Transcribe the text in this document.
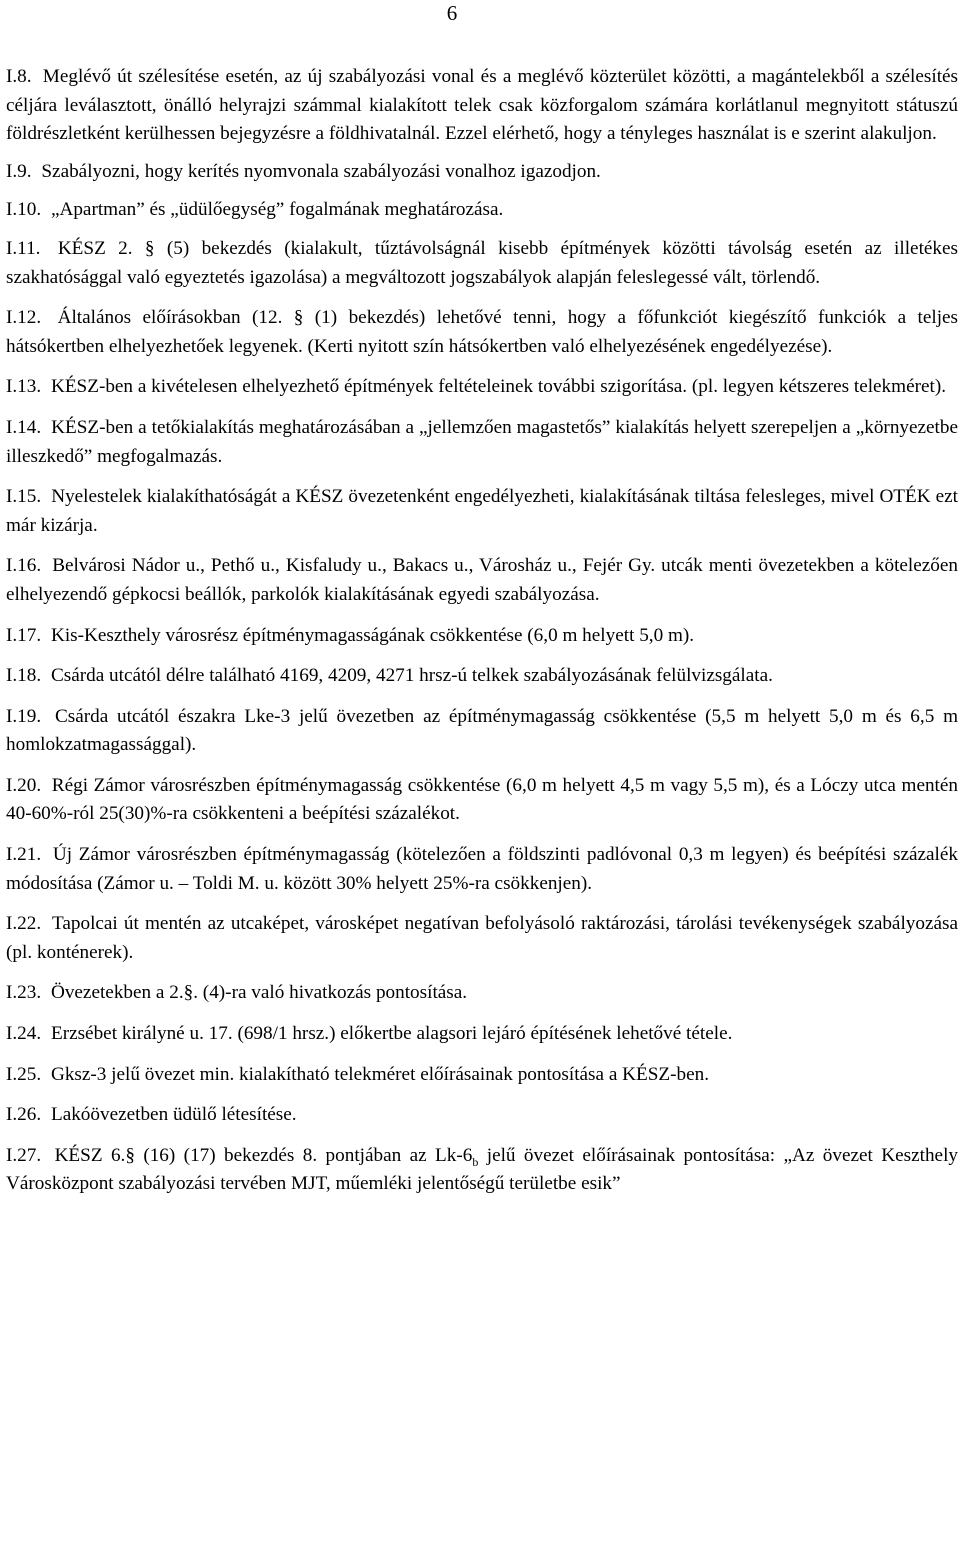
6

I.8. Meglévő út szélesítése esetén, az új szabályozási vonal és a meglévő közterület közötti, a magántelekből a szélesítés céljára leválasztott, önálló helyrajzi számmal kialakított telek csak közforgalom számára korlátlanul megnyitott státuszú földrészletként kerülhessen bejegyzésre a földhivatalnál. Ezzel elérhető, hogy a tényleges használat is e szerint alakuljon.

I.9. Szabályozni, hogy kerítés nyomvonala szabályozási vonalhoz igazodjon.

I.10. „Apartman” és „üdülőegység” fogalmának meghatározása.

I.11. KÉSZ 2. § (5) bekezdés (kialakult, tűztávolságnál kisebb építmények közötti távolság esetén az illetékes szakhatósággal való egyeztetés igazolása) a megváltozott jogszabályok alapján feleslegessé vált, törlendő.

I.12. Általános előírásokban (12. § (1) bekezdés) lehetővé tenni, hogy a főfunkciót kiegészítő funkciók a teljes hátsókertben elhelyezhetőek legyenek. (Kerti nyitott szín hátsókertben való elhelyezésének engedélyezése).

I.13. KÉSZ-ben a kivételesen elhelyezhető építmények feltételeinek további szigorítása. (pl. legyen kétszeres telekméret).

I.14. KÉSZ-ben a tetőkialakítás meghatározásában a „jellemzően magastetős” kialakítás helyett szerepeljen a „környezetbe illeszkedő” megfogalmazás.

I.15. Nyelestelek kialakíthatóságát a KÉSZ övezetenként engedélyezheti, kialakításának tiltása felesleges, mivel OTÉK ezt már kizárja.

I.16. Belvárosi Nádor u., Pethő u., Kisfaludy u., Bakacs u., Városház u., Fejér Gy. utcák menti övezetekben a kötelezően elhelyezendő gépkocsi beállók, parkolók kialakításának egyedi szabályozása.

I.17. Kis-Keszthely városrész építménymagasságának csökkentése (6,0 m helyett 5,0 m).

I.18. Csárda utcától délre található 4169, 4209, 4271 hrsz-ú telkek szabályozásának felülvizsgálata.

I.19. Csárda utcától északra Lke-3 jelű övezetben az építménymagasság csökkentése (5,5 m helyett 5,0 m és 6,5 m homlokzatmagassággal).

I.20. Régi Zámor városrészben építménymagasság csökkentése (6,0 m helyett 4,5 m vagy 5,5 m), és a Lóczy utca mentén 40-60%-ról 25(30)%-ra csökkenteni a beépítési százalékot.

I.21. Új Zámor városrészben építménymagasság (kötelezően a földszinti padlóvonal 0,3 m legyen) és beépítési százalék módosítása (Zámor u. – Toldi M. u. között 30% helyett 25%-ra csökkenjen).

I.22. Tapolcai út mentén az utcaképet, városképet negatívan befolyásoló raktározási, tárolási tevékenységek szabályozása (pl. konténerek).

I.23. Övezetekben a 2.§. (4)-ra való hivatkozás pontosítása.

I.24. Erzsébet királyné u. 17. (698/1 hrsz.) előkertbe alagsori lejáró építésének lehetővé tétele.

I.25. Gksz-3 jelű övezet min. kialakítható telekméret előírásainak pontosítása a KÉSZ-ben.

I.26. Lakóövezetben üdülő létesítése.

I.27. KÉSZ 6.§ (16) (17) bekezdés 8. pontjában az $Lk-6_b$ jelű övezet előírásainak pontosítása: „Az övezet Keszthely Városközpont szabályozási tervében MJT, műemléki jelentőségű területbe esik”
